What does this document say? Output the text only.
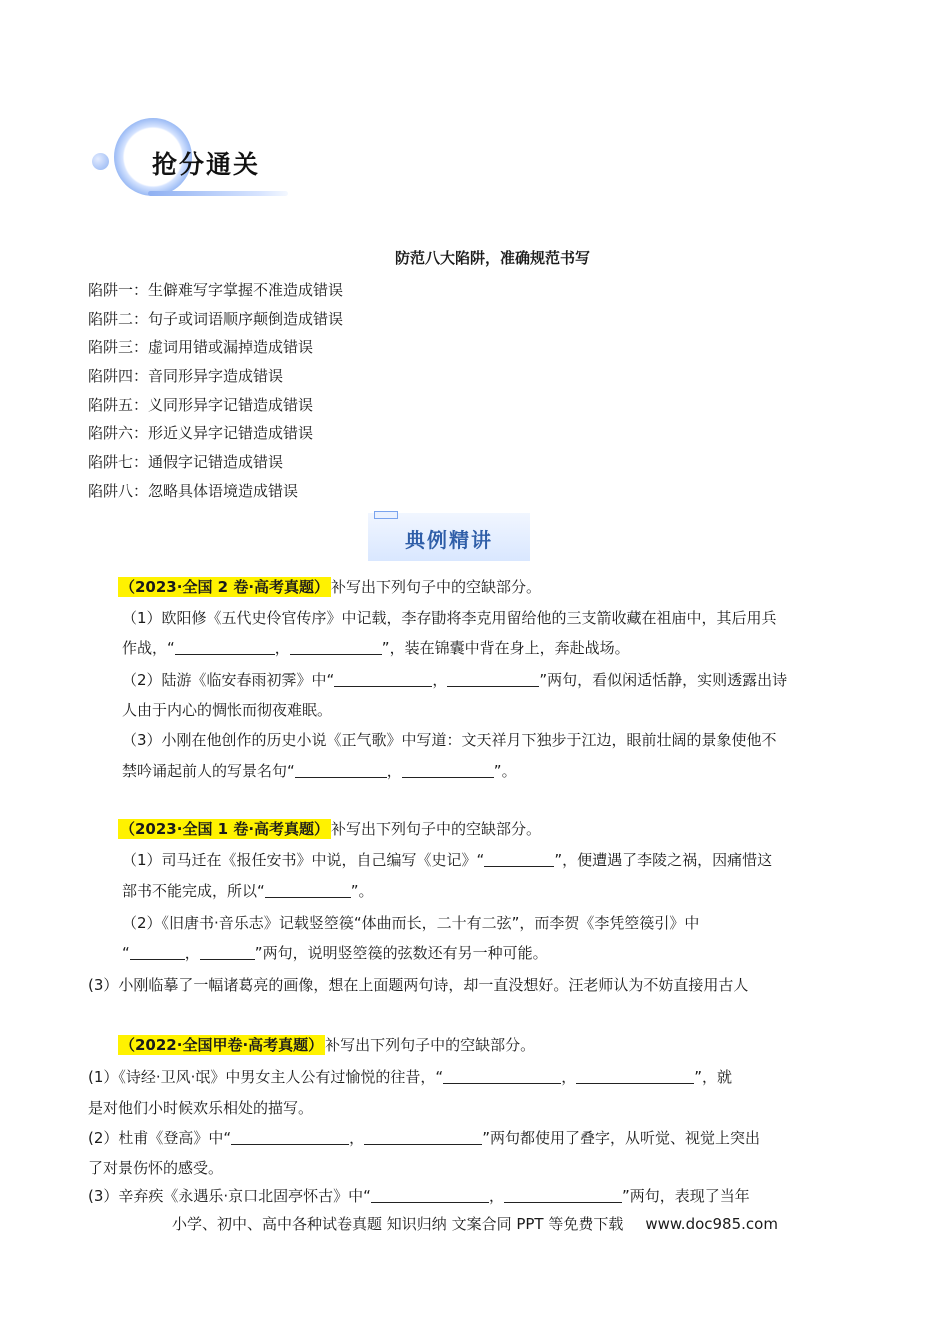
抢分通关
防范八大陷阱，准确规范书写
陷阱一：生僻难写字掌握不准造成错误
陷阱二：句子或词语顺序颠倒造成错误
陷阱三：虚词用错或漏掉造成错误
陷阱四：音同形异字造成错误
陷阱五：义同形异字记错造成错误
陷阱六：形近义异字记错造成错误
陷阱七：通假字记错造成错误
陷阱八：忽略具体语境造成错误
典例精讲
（2023·全国 2 卷·高考真题） 补写出下列句子中的空缺部分。
（1）欧阳修《五代史伶官传序》中记载，李存勖将李克用留给他的三支箭收藏在祖庙中，其后用兵
作战，“	，	”，装在锦囊中背在身上，奔赴战场。
（2）陆游《临安春雨初霁》中“	，	”两句，看似闲适恬静，实则透露出诗
人由于内心的惆怅而彻夜难眠。
（3）小刚在他创作的历史小说《正气歌》中写道：文天祥月下独步于江边，眼前壮阔的景象使他不
禁吟诵起前人的写景名句“	，	”。
（2023·全国 1 卷·高考真题） 补写出下列句子中的空缺部分。
（1）司马迁在《报任安书》中说，自己编写《史记》“	”，便遭遇了李陵之祸，因痛惜这
部书不能完成，所以“	”。
（2）《旧唐书·音乐志》记载竖箜篌“体曲而长，二十有二弦”，而李贺《李凭箜篌引》中
“	，	”两句，说明竖箜篌的弦数还有另一种可能。
(3）小刚临摹了一幅诸葛亮的画像，想在上面题两句诗，却一直没想好。汪老师认为不妨直接用古人
（2022·全国甲卷·高考真题） 补写出下列句子中的空缺部分。
(1）《诗经·卫风·氓》中男女主人公有过愉悦的往昔，“	，	”，就
是对他们小时候欢乐相处的描写。
(2）杜甫《登高》中“	，	”两句都使用了叠字，从听觉、视觉上突出
了对景伤怀的感受。
(3）辛弃疾《永遇乐·京口北固亭怀古》中“	，	”两句，表现了当年
小学、初中、高中各种试卷真题 知识归纳 文案合同 PPT 等免费下载 www.doc985.com
